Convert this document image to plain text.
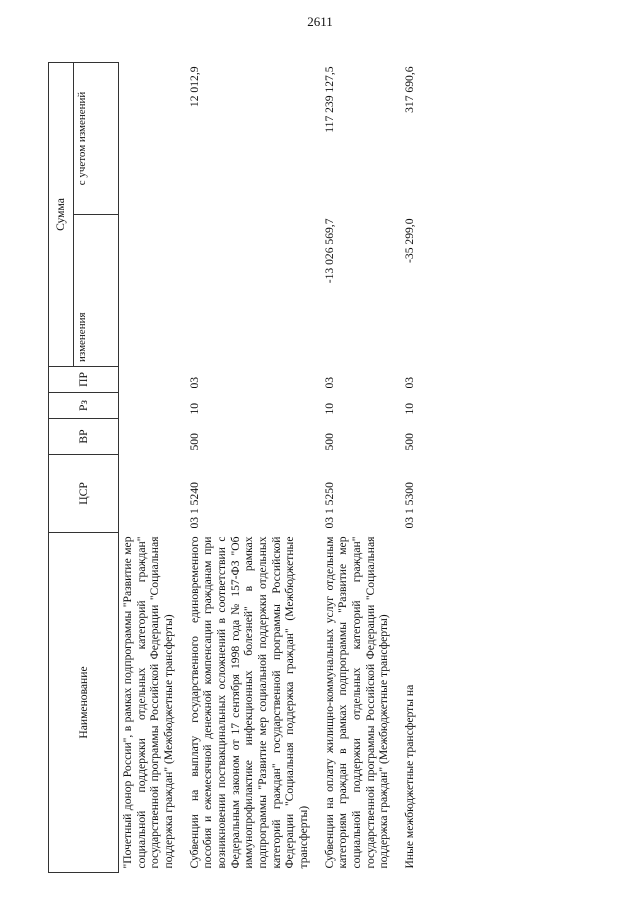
2611
Наименование	ЦСР	ВР	Рз	ПР	Сумма	
					изменения	с учетом изменений

"Почетный донор России", в рамках подпрограммы "Развитие мер социальной поддержки отдельных категорий граждан" государственной программы Российской Федерации "Социальная поддержка граждан" (Межбюджетные трансферты)						

Субвенции на выплату государственного единовременного пособия и ежемесячной денежной компенсации гражданам при возникновении поствакцинальных осложнений в соответствии с Федеральным законом от 17 сентября 1998 года № 157-ФЗ "Об иммунопрофилактике инфекционных болезней" в рамках подпрограммы "Развитие мер социальной поддержки отдельных категорий граждан" государственной программы Российской Федерации "Социальная поддержка граждан" (Межбюджетные трансферты)	03 1 5240	500	10	03		12 012,9

Субвенции на оплату жилищно-коммунальных услуг отдельным категориям граждан в рамках подпрограммы "Развитие мер социальной поддержки отдельных категорий граждан" государственной программы Российской Федерации "Социальная поддержка граждан" (Межбюджетные трансферты)	03 1 5250	500	10	03	-13 026 569,7	117 239 127,5

Иные межбюджетные трансферты на	03 1 5300	500	10	03	-35 299,0	317 690,6
